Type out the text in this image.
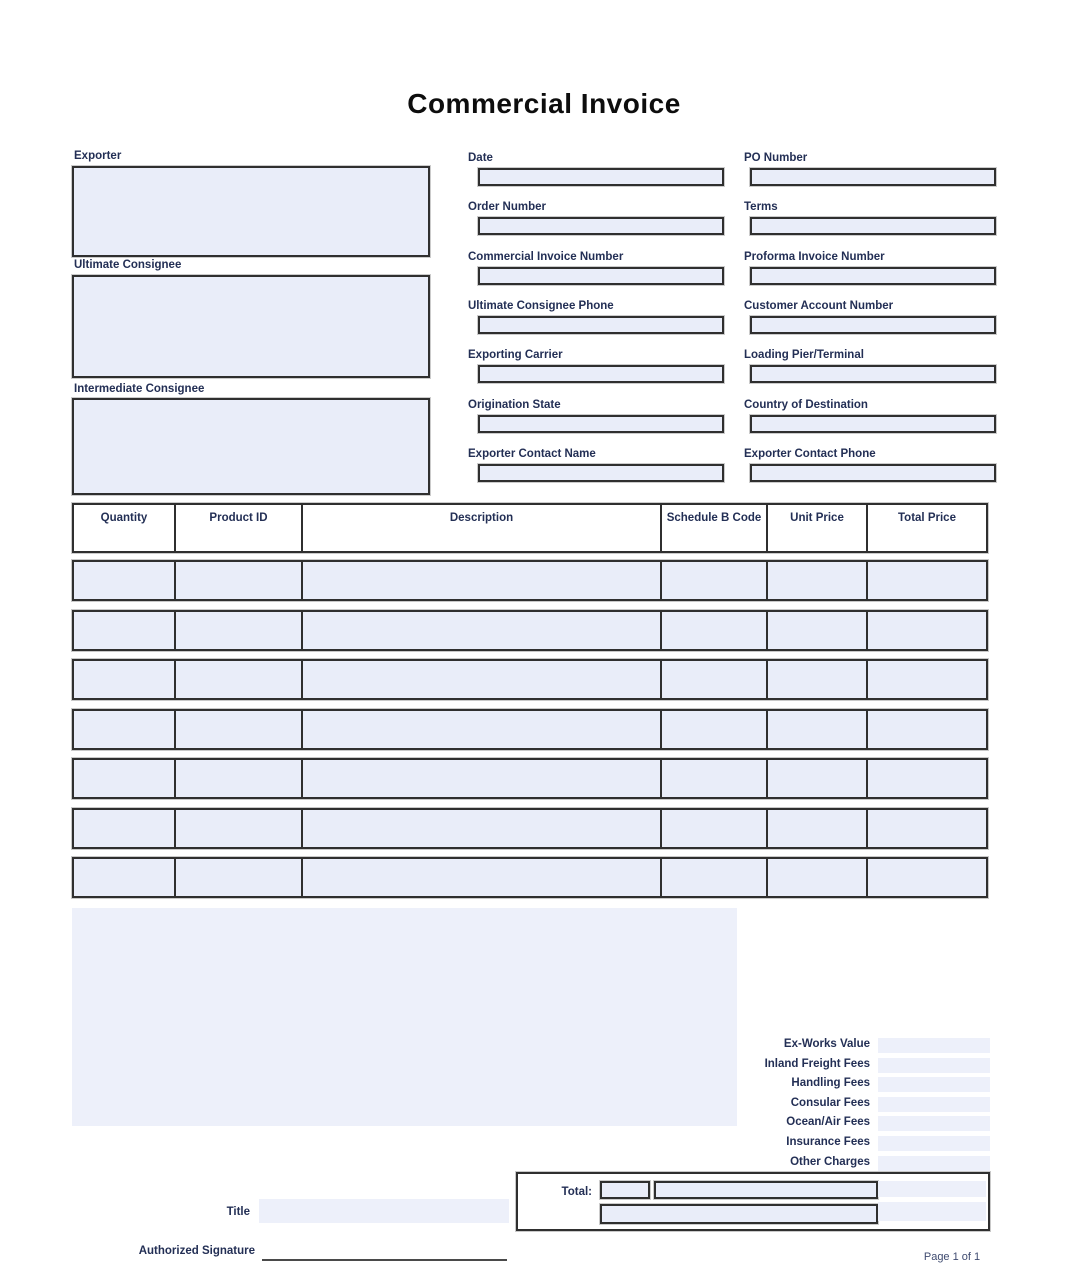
Commercial Invoice
Exporter
Ultimate Consignee
Intermediate Consignee
Date
Order Number
Commercial Invoice Number
Ultimate Consignee Phone
Exporting Carrier
Origination State
Exporter Contact Name
PO Number
Terms
Proforma Invoice Number
Customer Account Number
Loading Pier/Terminal
Country of Destination
Exporter Contact Phone
Quantity	Product ID	Description	Schedule B Code	Unit Price	Total Price
Ex-Works Value
Inland Freight Fees
Handling Fees
Consular Fees
Ocean/Air Fees
Insurance Fees
Other Charges
Total:
Title
Authorized Signature	Page 1 of 1
